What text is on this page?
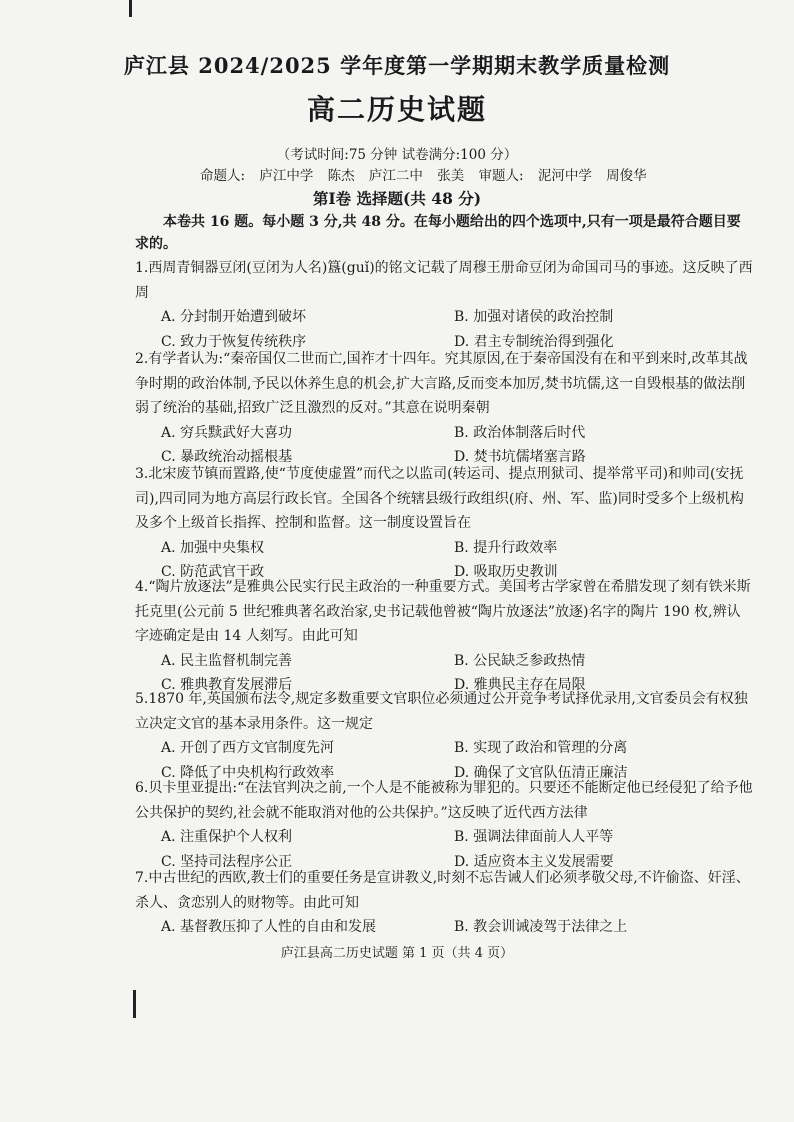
庐江县 2024/2025 学年度第一学期期末教学质量检测
高二历史试题
（考试时间:75 分钟 试卷满分:100 分）
命题人: 庐江中学 陈杰 庐江二中 张美 审题人: 泥河中学 周俊华
第Ⅰ卷 选择题(共 48 分)
本卷共 16 题。每小题 3 分,共 48 分。在每小题给出的四个选项中,只有一项是最符合题目要求的。

1.西周青铜器豆闭(豆闭为人名)簋(guǐ)的铭文记载了周穆王册命豆闭为命国司马的事迹。这反映了西周

A. 分封制开始遭到破坏	B. 加强对诸侯的政治控制
C. 致力于恢复传统秩序	D. 君主专制统治得到强化

2.有学者认为:“秦帝国仅二世而亡,国祚才十四年。究其原因,在于秦帝国没有在和平到来时,改革其战争时期的政治体制,予民以休养生息的机会,扩大言路,反而变本加厉,焚书坑儒,这一自毁根基的做法削弱了统治的基础,招致广泛且激烈的反对。”其意在说明秦朝

A. 穷兵黩武好大喜功	B. 政治体制落后时代
C. 暴政统治动摇根基	D. 焚书坑儒堵塞言路

3.北宋废节镇而置路,使“节度使虚置”而代之以监司(转运司、提点刑狱司、提举常平司)和帅司(安抚司),四司同为地方高层行政长官。全国各个统辖县级行政组织(府、州、军、监)同时受多个上级机构及多个上级首长指挥、控制和监督。这一制度设置旨在

A. 加强中央集权	B. 提升行政效率
C. 防范武官干政	D. 吸取历史教训

4.“陶片放逐法”是雅典公民实行民主政治的一种重要方式。美国考古学家曾在希腊发现了刻有铁米斯托克里(公元前 5 世纪雅典著名政治家,史书记载他曾被“陶片放逐法”放逐)名字的陶片 190 枚,辨认字迹确定是由 14 人刻写。由此可知

A. 民主监督机制完善	B. 公民缺乏参政热情
C. 雅典教育发展滞后	D. 雅典民主存在局限

5.1870 年,英国颁布法令,规定多数重要文官职位必须通过公开竞争考试择优录用,文官委员会有权独立决定文官的基本录用条件。这一规定

A. 开创了西方文官制度先河	B. 实现了政治和管理的分离
C. 降低了中央机构行政效率	D. 确保了文官队伍清正廉洁

6.贝卡里亚提出:“在法官判决之前,一个人是不能被称为罪犯的。只要还不能断定他已经侵犯了给予他公共保护的契约,社会就不能取消对他的公共保护。”这反映了近代西方法律

A. 注重保护个人权利	B. 强调法律面前人人平等
C. 坚持司法程序公正	D. 适应资本主义发展需要

7.中古世纪的西欧,教士们的重要任务是宣讲教义,时刻不忘告诫人们必须孝敬父母,不许偷盗、奸淫、杀人、贪恋别人的财物等。由此可知

A. 基督教压抑了人性的自由和发展	B. 教会训诫凌驾于法律之上
庐江县高二历史试题 第 1 页（共 4 页）
